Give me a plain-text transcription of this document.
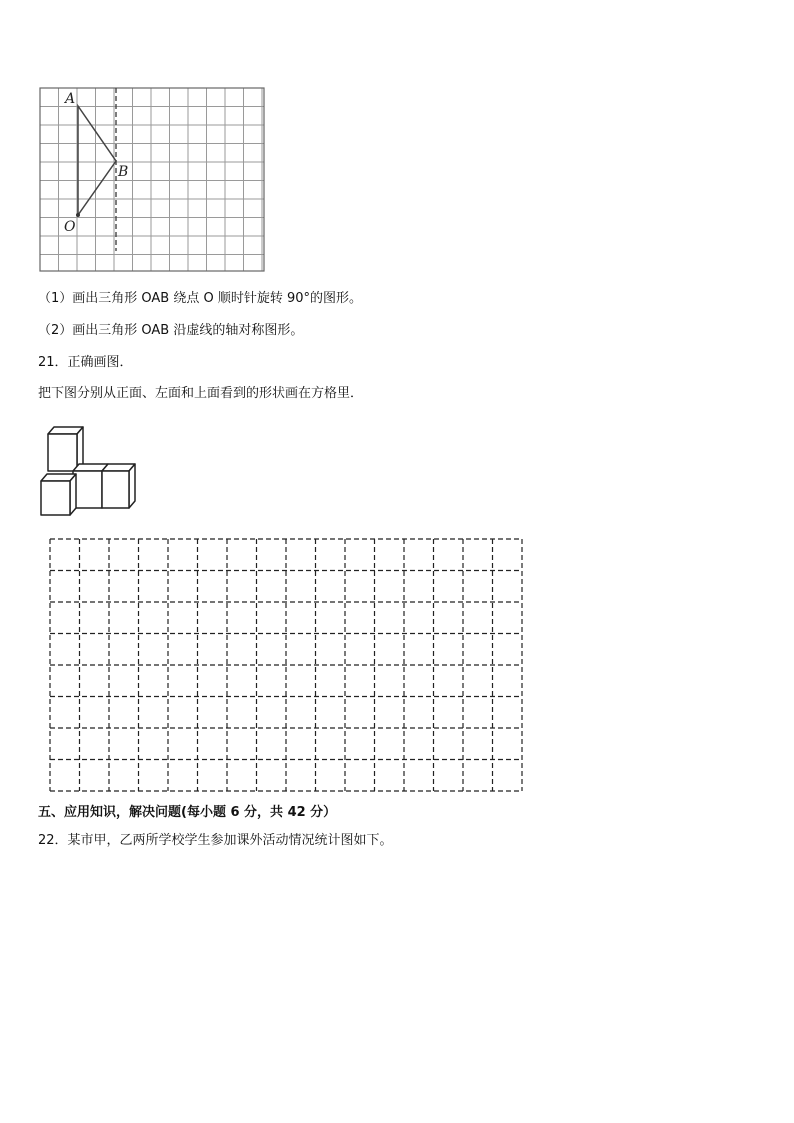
A
B
O
（1）画出三角形 OAB 绕点 O 顺时针旋转 90°的图形。
（2）画出三角形 OAB 沿虚线的轴对称图形。
21．正确画图．
把下图分别从正面、左面和上面看到的形状画在方格里．
五、应用知识，解决问题(每小题 6 分，共 42 分）
22．某市甲，乙两所学校学生参加课外活动情况统计图如下。
